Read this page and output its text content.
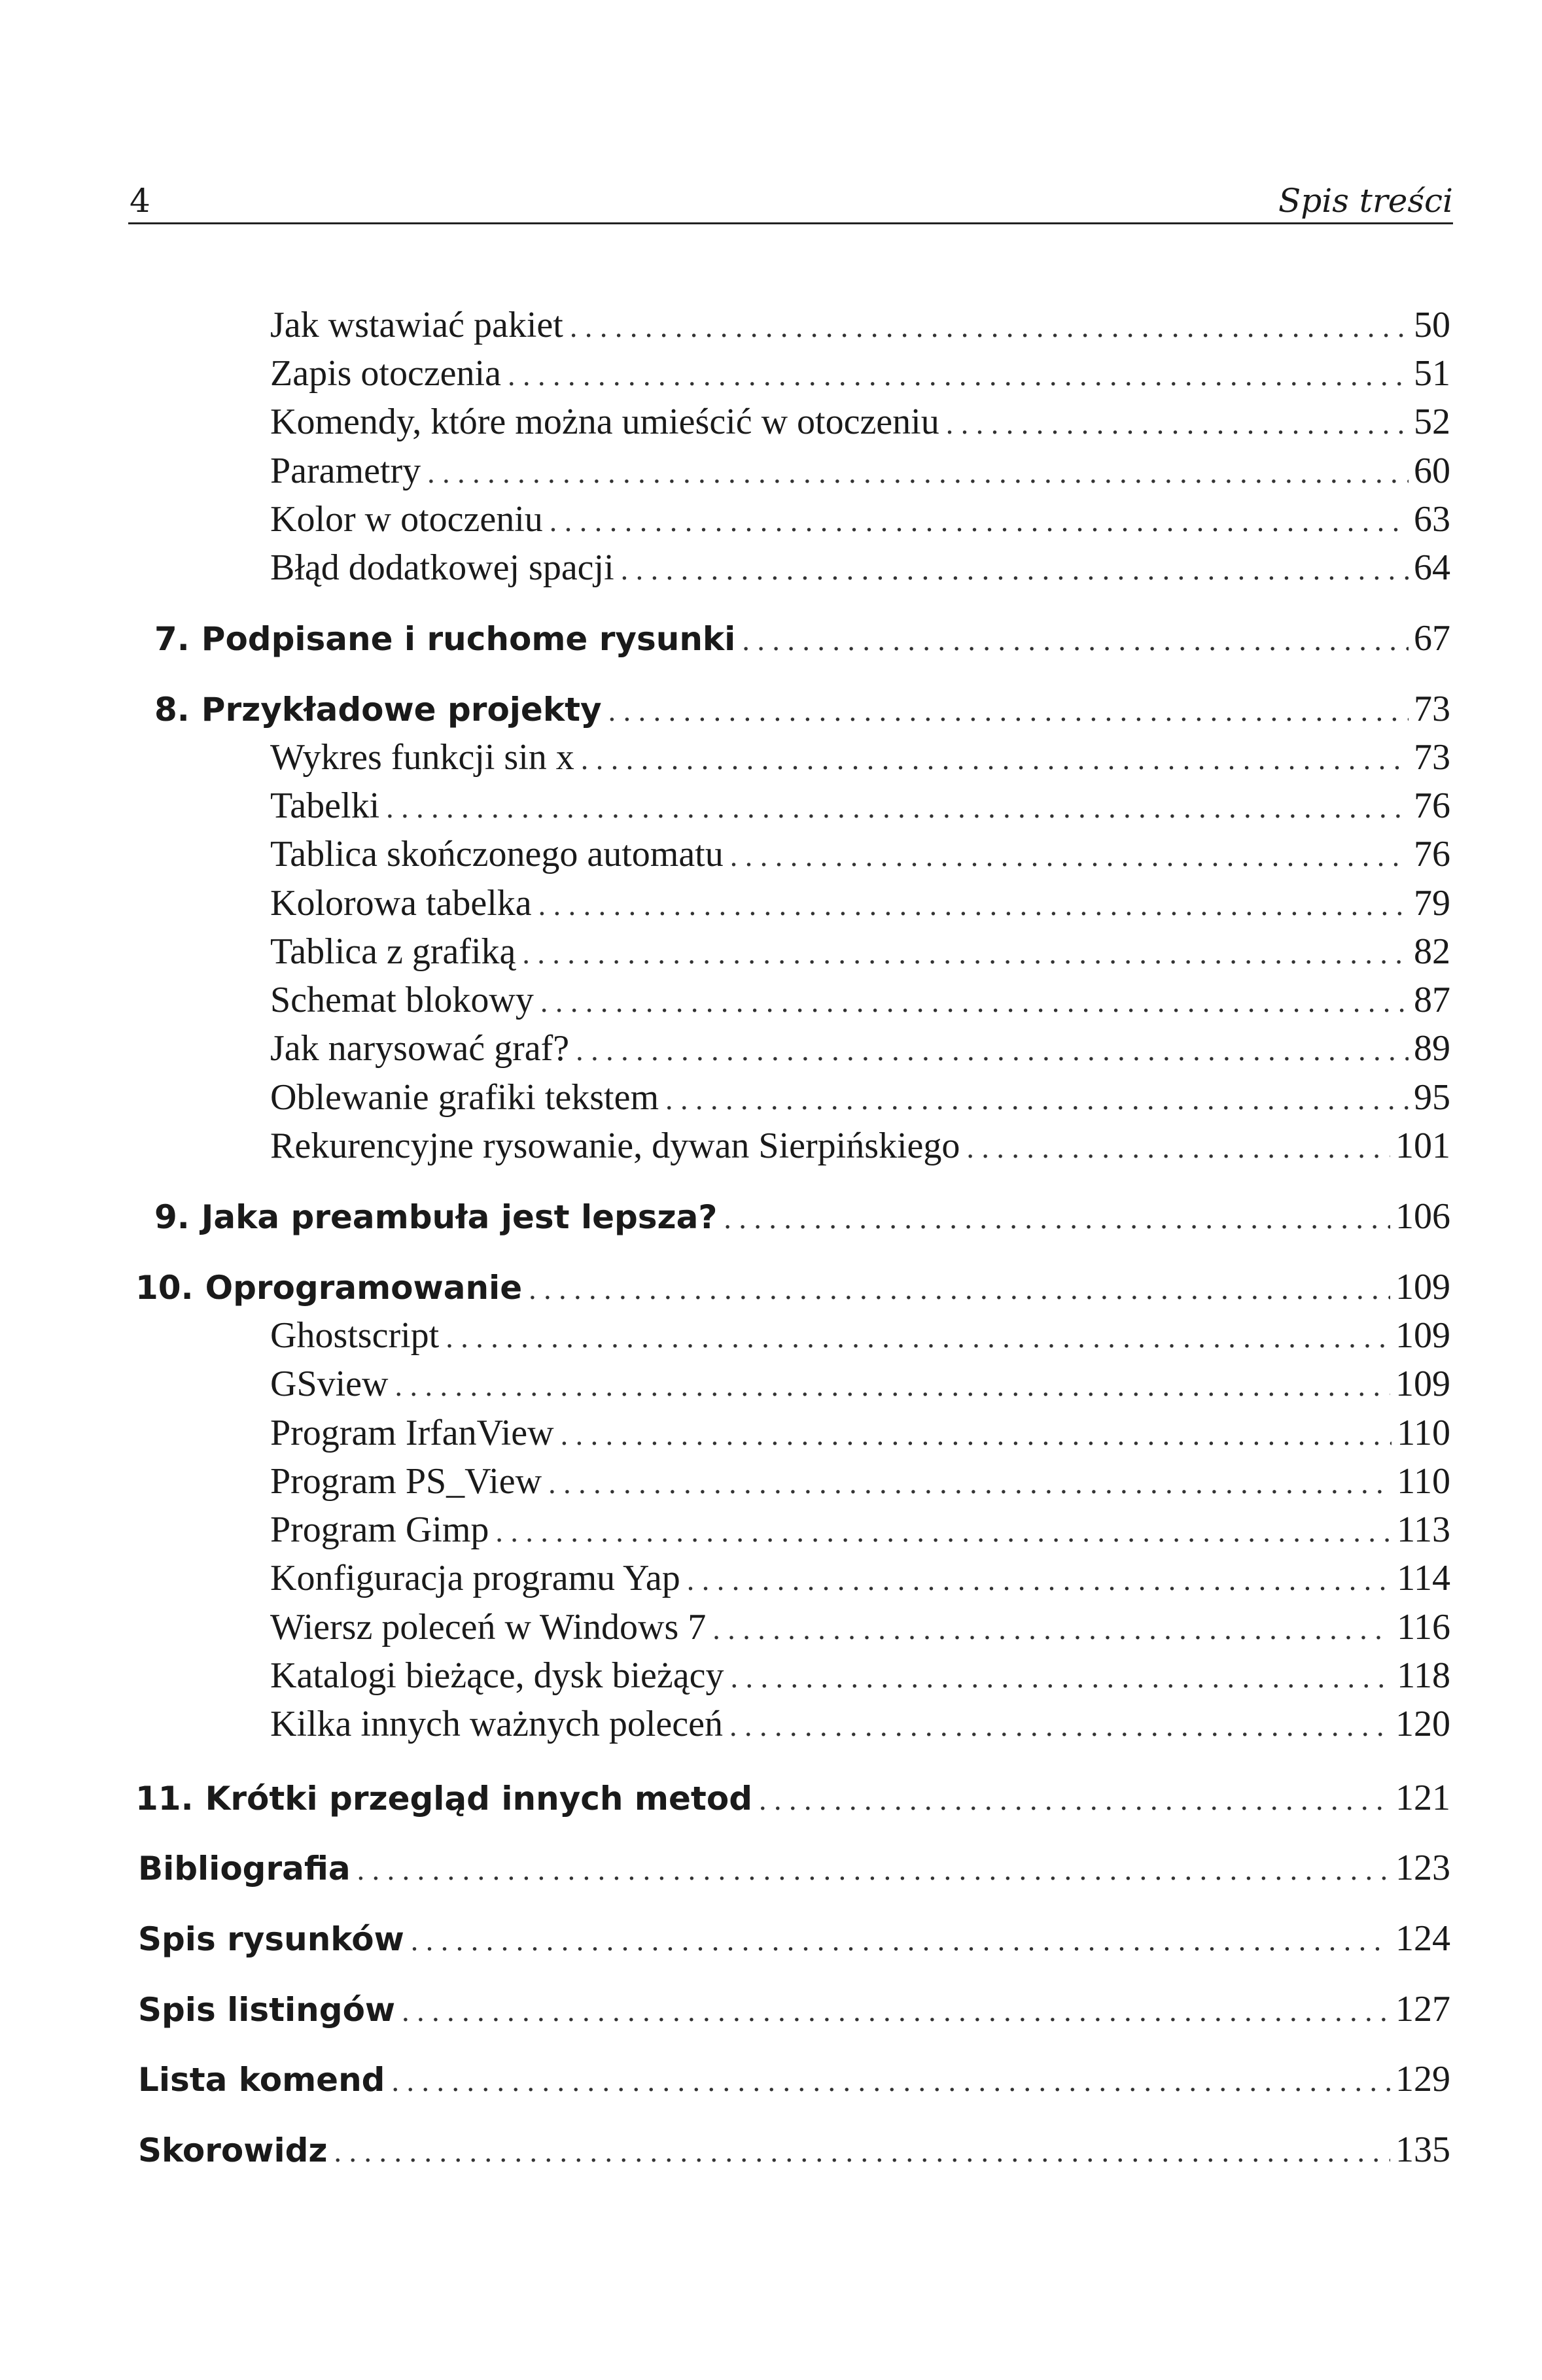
4	Spis treści
Jak wstawiać pakiet . . .	50
Zapis otoczenia . . .	51
Komendy, które można umieścić w otoczeniu . . .	52
Parametry . . .	60
Kolor w otoczeniu . . .	63
Błąd dodatkowej spacji . . .	64
7. Podpisane i ruchome rysunki . . .	67
8. Przykładowe projekty . . .	73
Wykres funkcji sin x . . .	73
Tabelki . . .	76
Tablica skończonego automatu . . .	76
Kolorowa tabelka . . .	79
Tablica z grafiką . . .	82
Schemat blokowy . . .	87
Jak narysować graf? . . .	89
Oblewanie grafiki tekstem . . .	95
Rekurencyjne rysowanie, dywan Sierpińskiego . . .	101
9. Jaka preambuła jest lepsza? . . .	106
10. Oprogramowanie . . .	109
Ghostscript . . .	109
GSview . . .	109
Program IrfanView . . .	110
Program PS_View . . .	110
Program Gimp . . .	113
Konfiguracja programu Yap . . .	114
Wiersz poleceń w Windows 7 . . .	116
Katalogi bieżące, dysk bieżący . . .	118
Kilka innych ważnych poleceń . . .	120
11. Krótki przegląd innych metod . . .	121
Bibliografia . . .	123
Spis rysunków . . .	124
Spis listingów . . .	127
Lista komend . . .	129
Skorowidz . . .	135
